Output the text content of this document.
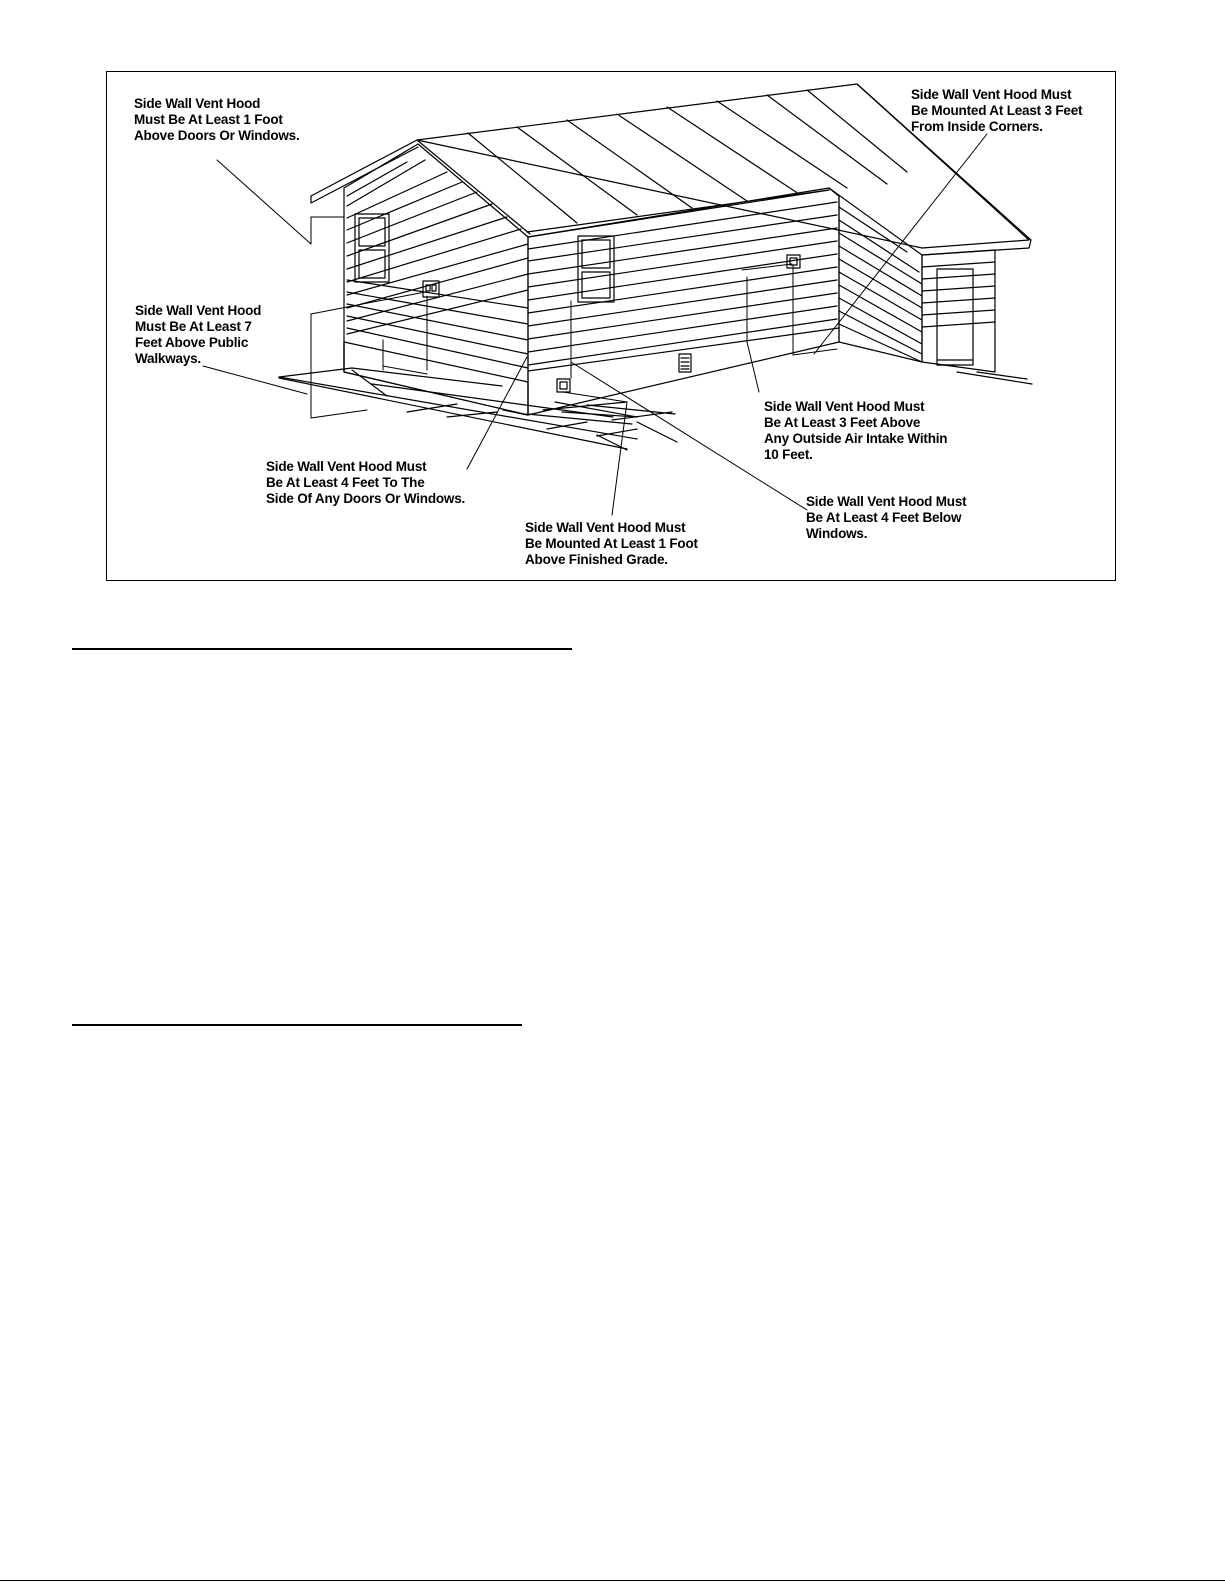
Side Wall Vent Hood
Must Be At Least 1 Foot
Above Doors Or Windows.
Side Wall Vent Hood Must
Be Mounted At Least 3 Feet
From Inside Corners.
Side Wall Vent Hood
Must Be At Least 7
Feet Above Public
Walkways.
Side Wall Vent Hood Must
Be At Least 3 Feet Above
Any Outside Air Intake Within
10 Feet.
Side Wall Vent Hood Must
Be At Least 4 Feet To The
Side Of Any Doors Or Windows.	Side Wall Vent Hood Must
Be At Least 4 Feet Below
Windows.
Side Wall Vent Hood Must
Be Mounted At Least 1 Foot
Above Finished Grade.
